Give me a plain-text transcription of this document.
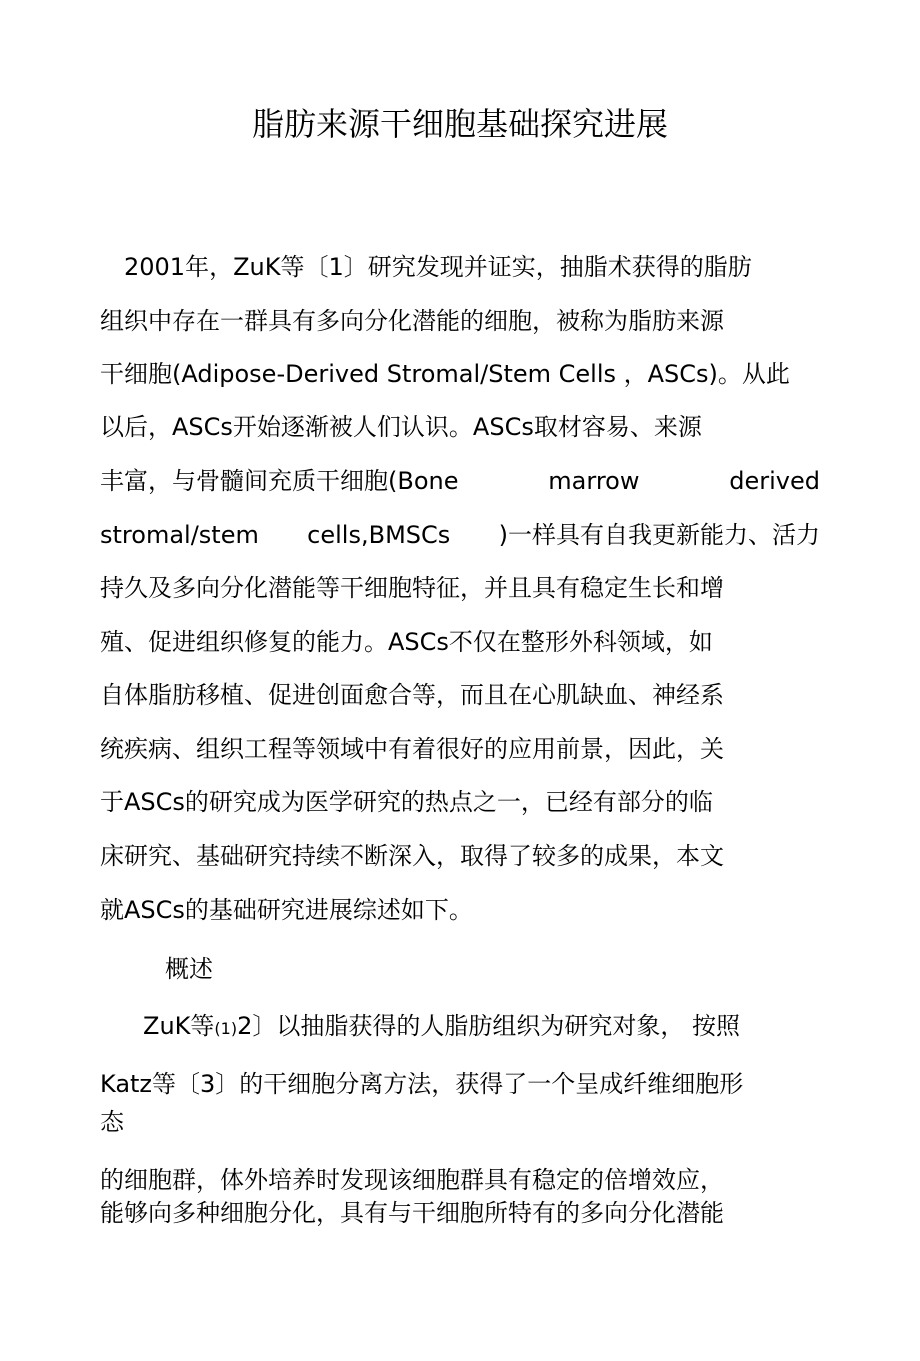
脂肪来源干细胞基础探究进展

　2001年，ZuK等〔1〕研究发现并证实，抽脂术获得的脂肪

组织中存在一群具有多向分化潜能的细胞，被称为脂肪来源

干细胞(Adipose-Derived Stromal/Stem Cells ，ASCs)。从此

以后，ASCs开始逐渐被人们认识。ASCs取材容易、来源

丰富，与骨髓间充质干细胞(Bone	marrow	derived
stromal/stem cells,BMSCs )一样具有自我更新能力、活力

持久及多向分化潜能等干细胞特征，并且具有稳定生长和增

殖、促进组织修复的能力。ASCs不仅在整形外科领域，如

自体脂肪移植、促进创面愈合等，而且在心肌缺血、神经系

统疾病、组织工程等领域中有着很好的应用前景，因此，关

于ASCs的研究成为医学研究的热点之一，已经有部分的临

床研究、基础研究持续不断深入，取得了较多的成果，本文

就ASCs的基础研究进展综述如下。

概述

ZuK等(1)2〕以抽脂获得的人脂肪组织为研究对象， 按照

Katz等〔3〕的干细胞分离方法，获得了一个呈成纤维细胞形

态

的细胞群，体外培养时发现该细胞群具有稳定的倍增效应，

能够向多种细胞分化，具有与干细胞所特有的多向分化潜能
